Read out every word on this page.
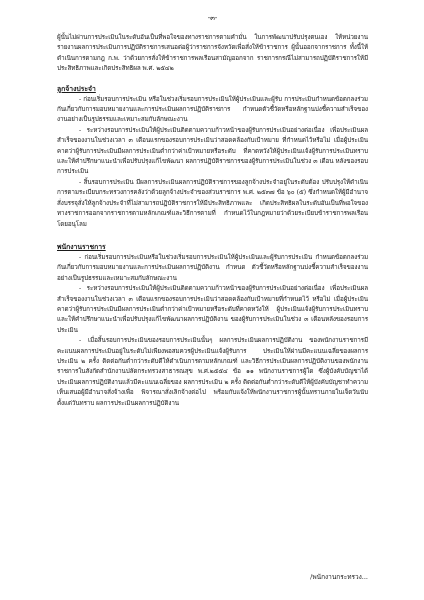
-๓-

ผู้นั้นไม่ผ่านการประเมินในระดับอันเป็นที่พอใจของทางราชการตามคำมั่น ในการพัฒนาปรับปรุงตนเอง ให้หน่วยงานรายงานผลการประเมินการปฏิบัติราชการเสนอต่อผู้ว่าราชการจังหวัดเพื่อสั่งให้ข้าราชการ ผู้นั้นออกจากราชการ ทั้งนี้ให้ดำเนินการตามกฎ ก.พ. ว่าด้วยการสั่งให้ข้าราชการพลเรือนสามัญออกจาก ราชการกรณีไม่สามารถปฏิบัติราชการให้มีประสิทธิภาพและเกิดประสิทธิผล พ.ศ. ๒๕๔๒

ลูกจ้างประจำ

- ก่อนเริ่มรอบการประเมิน หรือในช่วงเริ่มรอบการประเมินให้ผู้ประเมินและผู้รับ การประเมินกำหนดข้อตกลงร่วมกันเกี่ยวกับการมอบหมายงานและการประเมินผลการปฏิบัติราชการ กำหนดตัวชี้วัดหรือหลักฐานบ่งชี้ความสำเร็จของงานอย่างเป็นรูปธรรมและเหมาะสมกับลักษณะงาน

- ระหว่างรอบการประเมินให้ผู้ประเมินติดตามความก้าวหน้าของผู้รับการประเมินอย่างต่อเนื่อง เพื่อประเมินผลสำเร็จของงานในช่วงเวลา ๓ เดือนแรกของรอบการประเมินว่าสอดคล้องกับเป้าหมาย ที่กำหนดไว้หรือไม่ เมื่อผู้ประเมินคาดว่าผู้รับการประเมินมีผลการประเมินต่ำกว่าค่าเป้าหมายหรือระดับ ที่คาดหวังให้ผู้ประเมินแจ้งผู้รับการประเมินทราบและให้คำปรึกษาแนะนำเพื่อปรับปรุงแก้ไขพัฒนา ผลการปฏิบัติราชการของผู้รับการประเมินในช่วง ๓ เดือน หลังของรอบการประเมิน

- สิ้นรอบการประเมิน มีผลการประเมินผลการปฏิบัติราชการของลูกจ้างประจำอยู่ในระดับต้อง ปรับปรุงให้ดำเนินการตามระเบียบกระทรวงการคลังว่าด้วยลูกจ้างประจำของส่วนราชการ พ.ศ. ๒๕๓๗ ข้อ ๖๐ (๕) ซึ่งกำหนดให้ผู้มีอำนาจสั่งบรรจุสั่งให้ลูกจ้างประจำที่ไม่สามารถปฏิบัติราชการให้มีประสิทธิภาพและ เกิดประสิทธิผลในระดับอันเป็นที่พอใจของทางราชการออกจากราชการตามหลักเกณฑ์และวิธีการตามที่ กำหนดไว้ในกฎหมายว่าด้วยระเบียบข้าราชการพลเรือนโดยอนุโลม

พนักงานราชการ

- ก่อนเริ่มรอบการประเมินหรือในช่วงเริ่มรอบการประเมินให้ผู้ประเมินและผู้รับการประเมิน กำหนดข้อตกลงร่วมกันเกี่ยวกับการมอบหมายงานและการประเมินผลการปฏิบัติงาน กำหนด ตัวชี้วัดหรือหลักฐานบ่งชี้ความสำเร็จของงานอย่างเป็นรูปธรรมและเหมาะสมกับลักษณะงาน

- ระหว่างรอบการประเมินให้ผู้ประเมินติดตามความก้าวหน้าของผู้รับการประเมินอย่างต่อเนื่อง เพื่อประเมินผลสำเร็จของงานในช่วงเวลา ๓ เดือนแรกของรอบการประเมินว่าสอดคล้องกับเป้าหมายที่กำหนดไว้ หรือไม่ เมื่อผู้ประเมินคาดว่าผู้รับการประเมินมีผลการประเมินต่ำกว่าค่าเป้าหมายหรือระดับที่คาดหวังให้ ผู้ประเมินแจ้งผู้รับการประเมินทราบและให้คำปรึกษาแนะนำเพื่อปรับปรุงแก้ไขพัฒนาผลการปฏิบัติงาน ของผู้รับการประเมินในช่วง ๓ เดือนหลังของรอบการประเมิน

- เมื่อสิ้นรอบการประเมินของรอบการประเมินนั้นๆ ผลการประเมินผลการปฏิบัติงาน ของพนักงานราชการมีคะแนนผลการประเมินอยู่ในระดับไม่เพียงพอสมควรผู้ประเมินแจ้งผู้รับการ	ประเมินให้ผ่านมีคะแนนเฉลี่ยของผลการประเมิน ๒ ครั้ง ติดต่อกันต่ำกว่าระดับดีให้ดำเนินการตามหลักเกณฑ์ และวิธีการประเมินผลการปฏิบัติงานของพนักงานราชการในสังกัดสำนักงานปลัดกระทรวงสาธารณสุข พ.ศ.๒๕๕๔ ข้อ ๑๑ พนักงานราชการผู้ใด ซึ่งผู้บังคับบัญชาได้ประเมินผลการปฏิบัติงานแล้วมีคะแนนเฉลี่ยของ ผลการประเมิน ๒ ครั้ง ติดต่อกันต่ำกว่าระดับดีให้ผู้บังคับบัญชาทำความเห็นเสนอผู้มีอำนาจสั่งจ้างเพื่อ พิจารณาสั่งเลิกจ้างต่อไป พร้อมกับแจ้งให้พนักงานราชการผู้นั้นทราบภายในเจ็ดวันนับตั้งแต่วันทราบ ผลการประเมินผลการปฏิบัติงาน

/พนักงานกระทรวง...
